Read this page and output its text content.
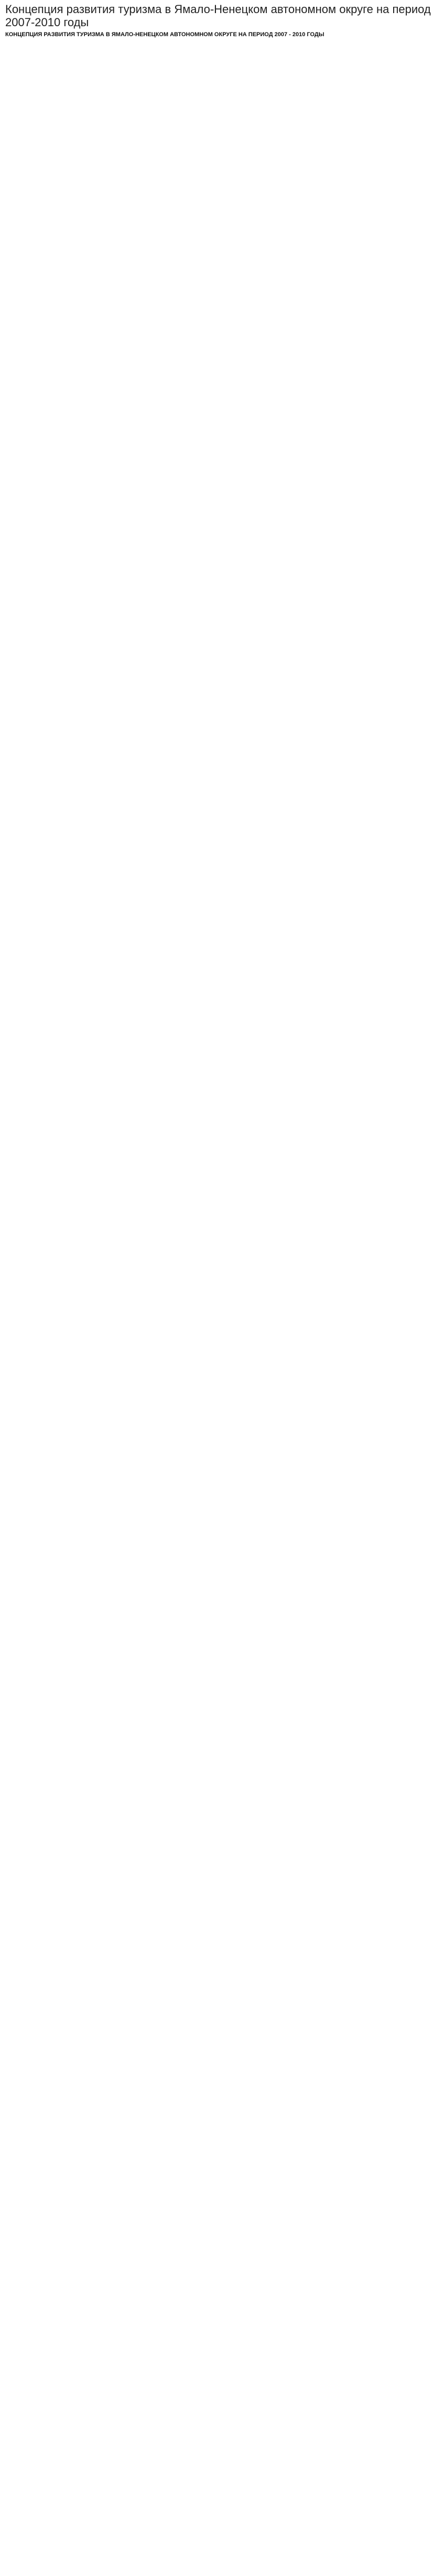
Концепция развития туризма в Ямало-Ненецком автономном округе на период 2007-2010 годы
КОНЦЕПЦИЯ РАЗВИТИЯ ТУРИЗМА В ЯМАЛО-НЕНЕЦКОМ АВТОНОМНОМ ОКРУГЕ НА ПЕРИОД 2007 - 2010 ГОДЫ
